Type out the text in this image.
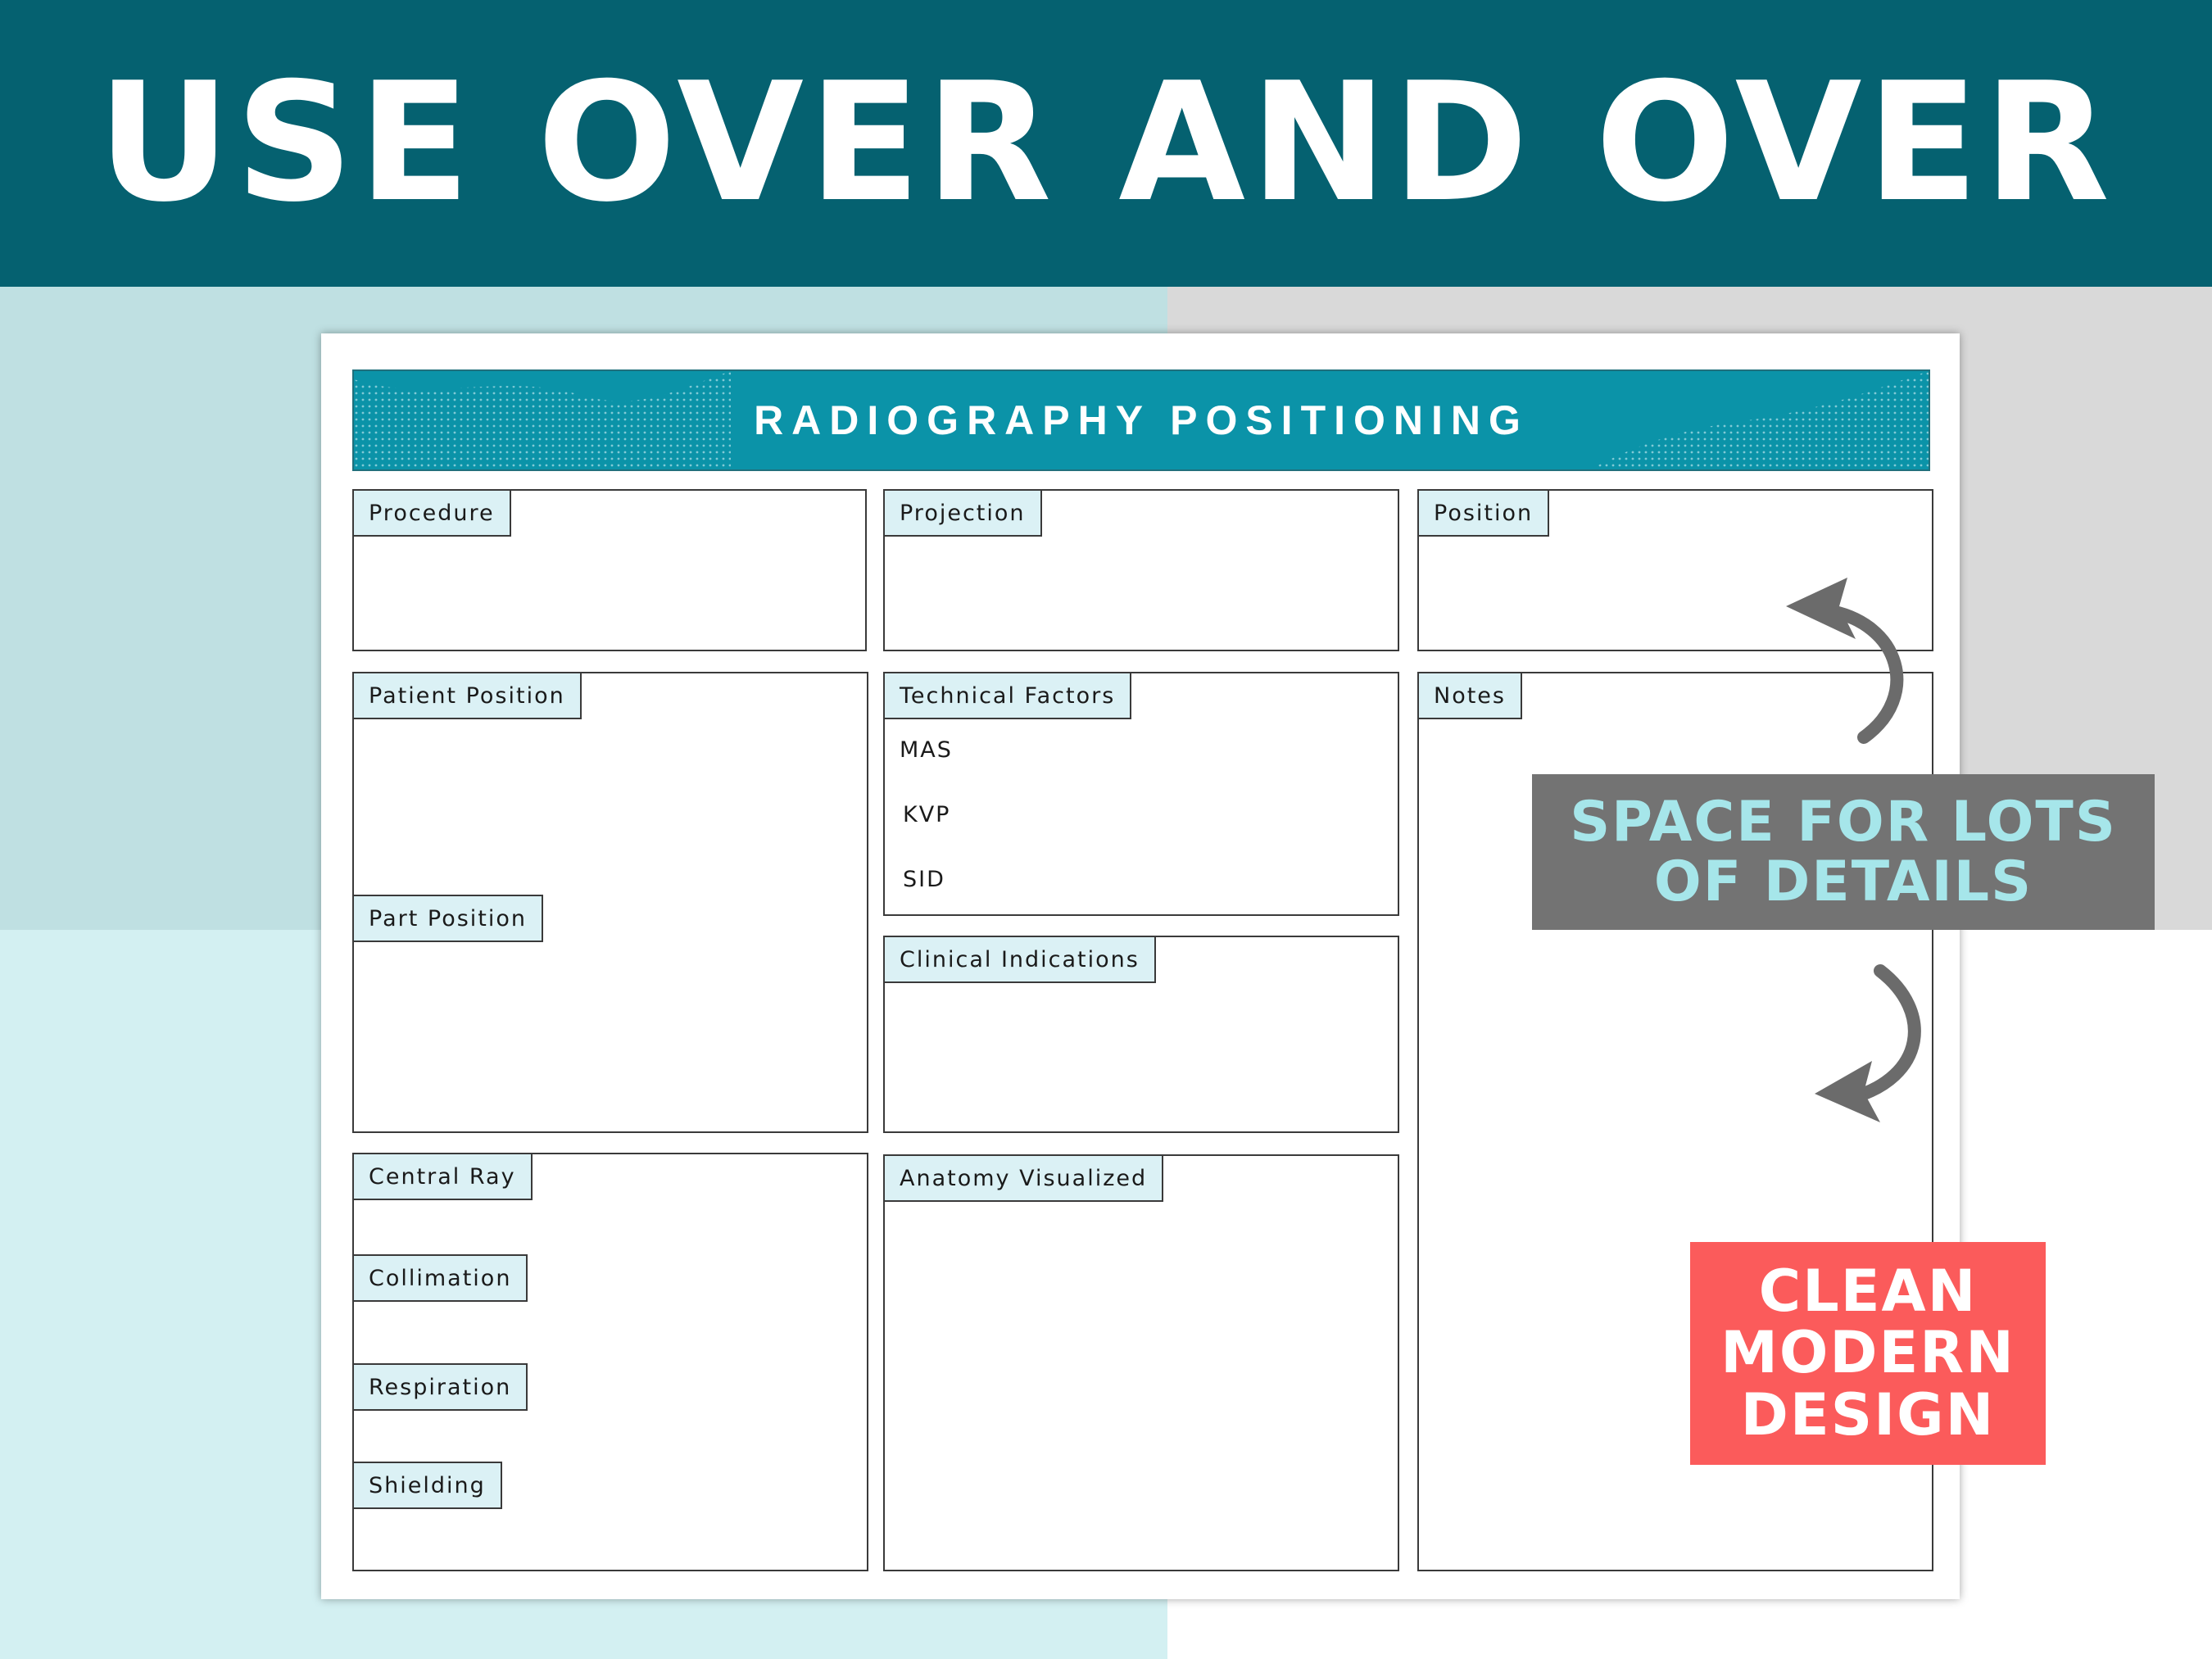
USE OVER AND OVER
RADIOGRAPHY POSITIONING
Procedure	Projection	Position
Patient Position
Part Position
Technical Factors
MAS
KVP
SID
Clinical Indications
Notes
Central Ray
Collimation
Respiration
Shielding
Anatomy Visualized
SPACE FOR LOTS
OF DETAILS
CLEAN
MODERN
DESIGN
